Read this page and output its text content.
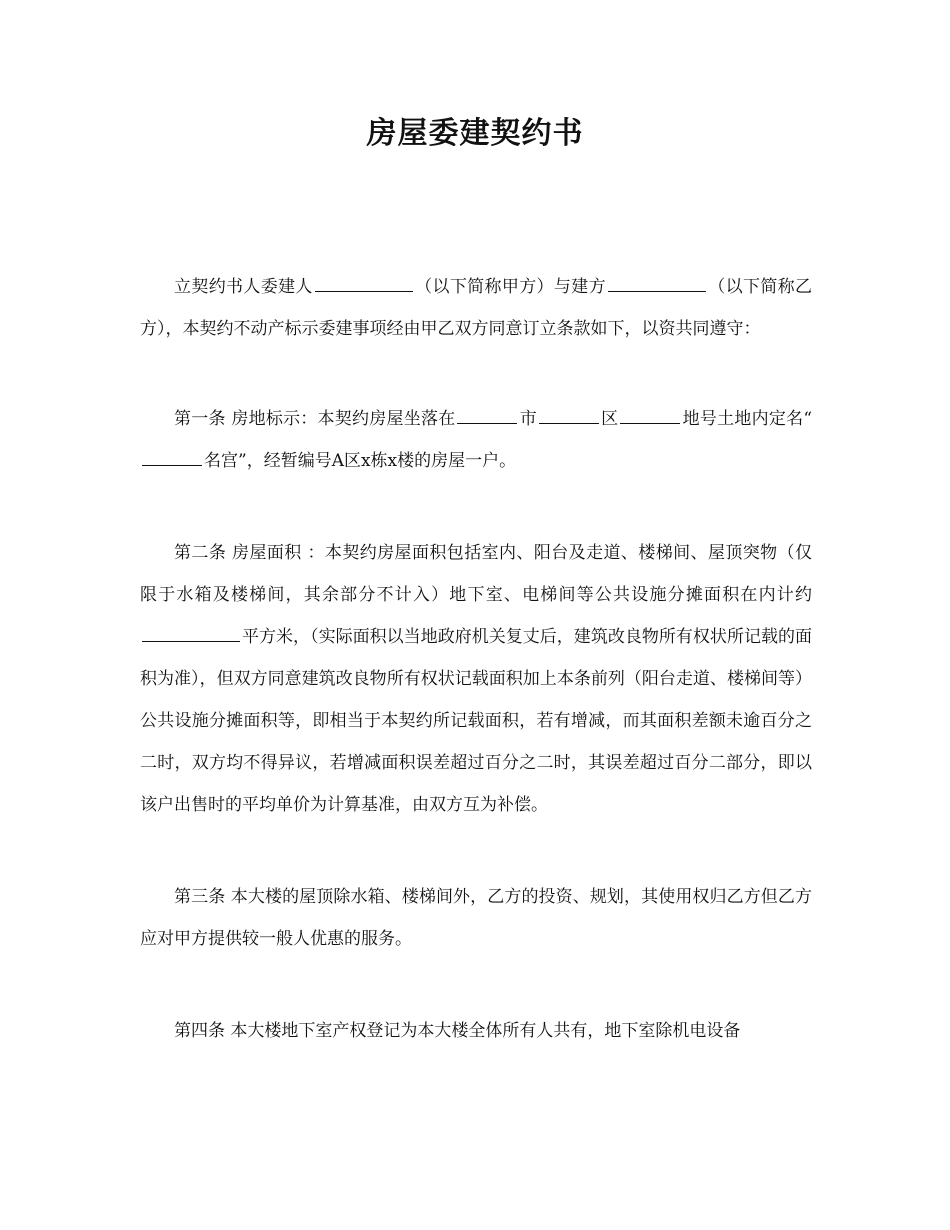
房屋委建契约书

立契约书人委建人	（以下简称甲方）与建方	（以下简称乙方），本契约不动产标示委建事项经由甲乙双方同意订立条款如下，以资共同遵守：

第一条 房地标示：本契约房屋坐落在	市	区	地号土地内定名“名宫”，经暂编号A区x栋x楼的房屋一户。

第二条 房屋面积 ：本契约房屋面积包括室内、阳台及走道、楼梯间、屋顶突物（仅限于水箱及楼梯间，其余部分不计入）地下室、电梯间等公共设施分摊面积在内计约平方米，（实际面积以当地政府机关复丈后，建筑改良物所有权状所记载的面积为准），但双方同意建筑改良物所有权状记载面积加上本条前列（阳台走道、楼梯间等）公共设施分摊面积等，即相当于本契约所记载面积，若有增减，而其面积差额未逾百分之二时，双方均不得异议，若增减面积误差超过百分之二时，其误差超过百分二部分，即以该户出售时的平均单价为计算基准，由双方互为补偿。

第三条 本大楼的屋顶除水箱、楼梯间外，乙方的投资、规划，其使用权归乙方但乙方应对甲方提供较一般人优惠的服务。

第四条 本大楼地下室产权登记为本大楼全体所有人共有，地下室除机电设备
